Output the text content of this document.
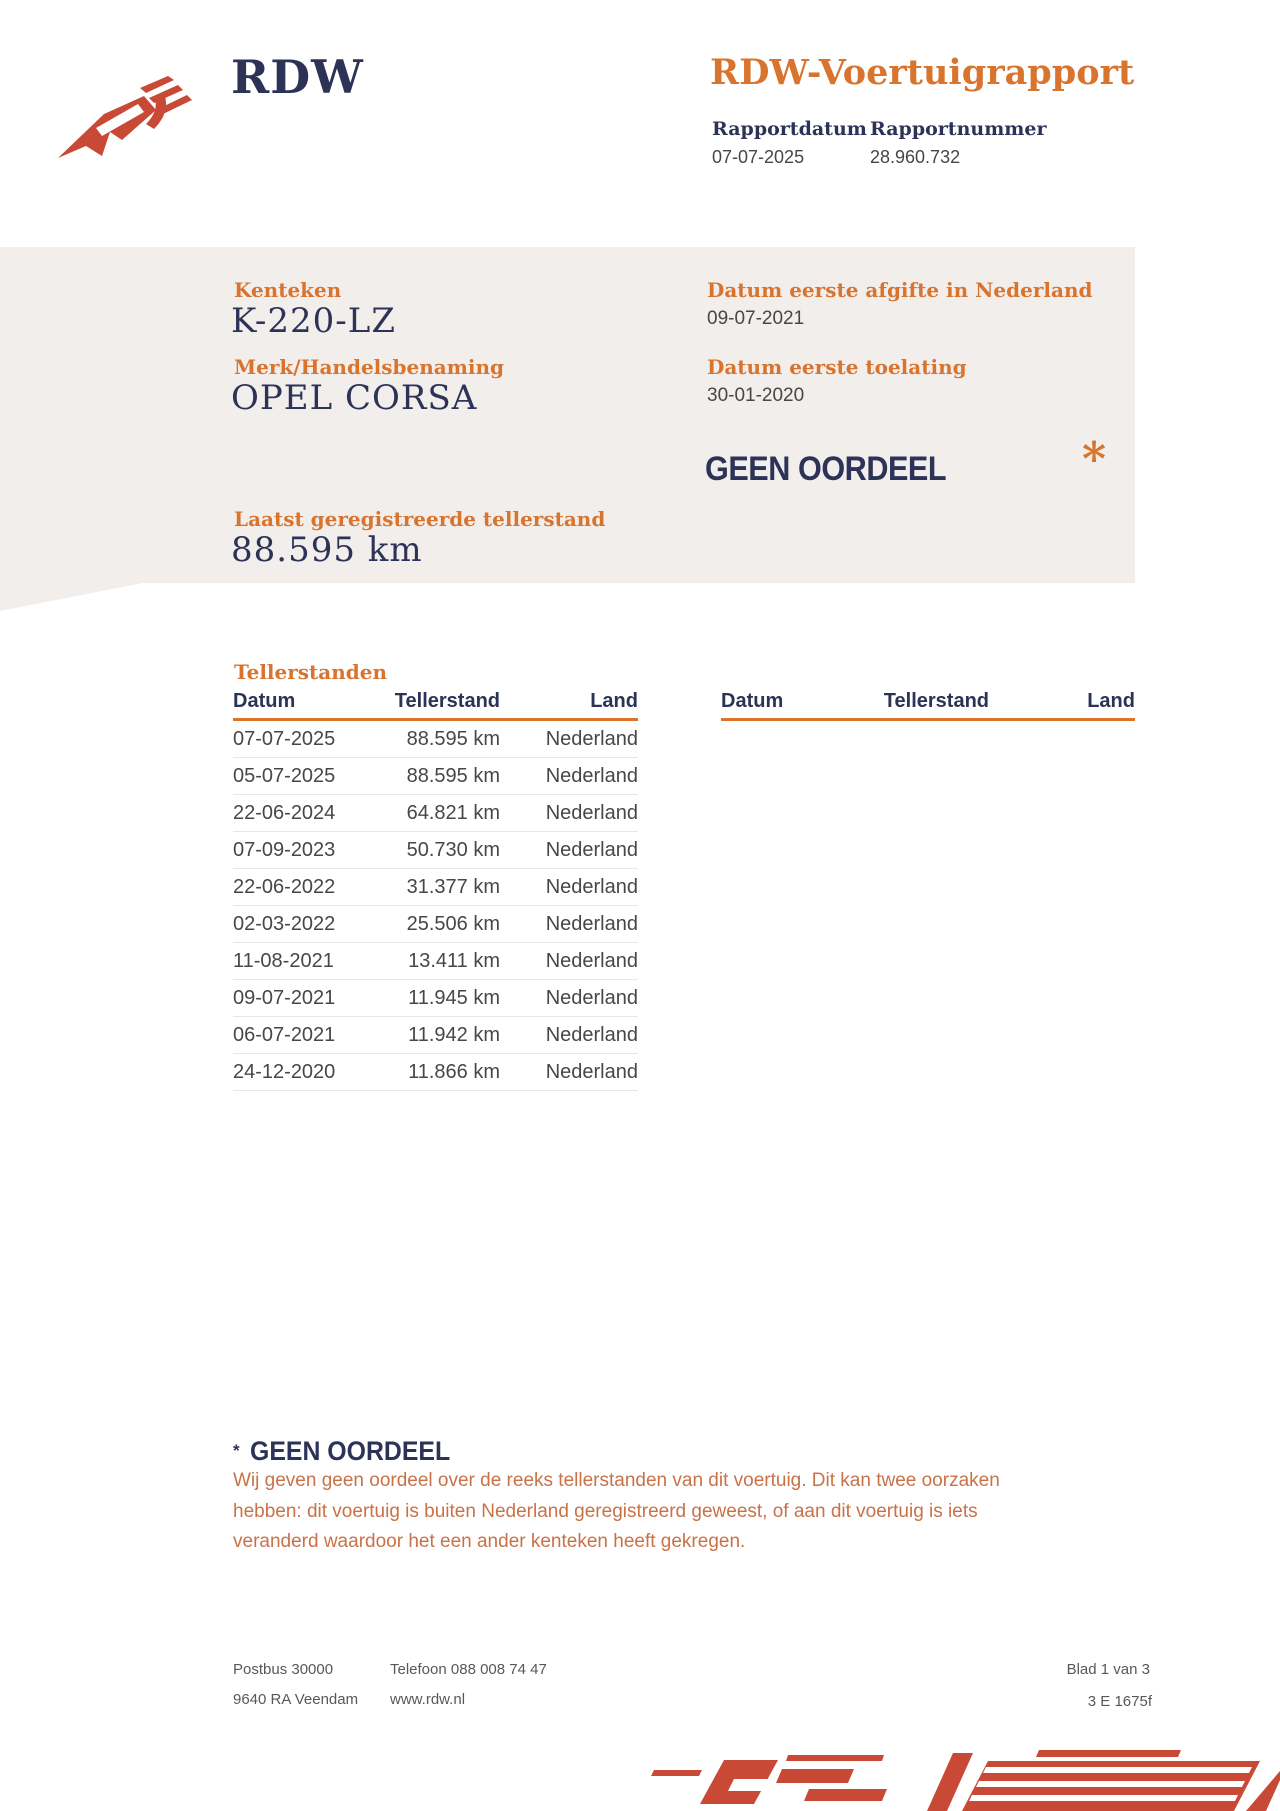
RDW	RDW-Voertuigrapport
Rapportdatum Rapportnummer
07-07-2025	28.960.732
Kenteken
K-220-LZ
Merk/Handelsbenaming
OPEL CORSA
Laatst geregistreerde tellerstand
88.595 km
Datum eerste afgifte in Nederland
09-07-2021
Datum eerste toelating
30-01-2020
GEEN OORDEEL	*
Tellerstanden
Datum	Tellerstand	Land
07-07-2025	88.595 km	Nederland
05-07-2025	88.595 km	Nederland
22-06-2024	64.821 km	Nederland
07-09-2023	50.730 km	Nederland
22-06-2022	31.377 km	Nederland
02-03-2022	25.506 km	Nederland
11-08-2021	13.411 km	Nederland
09-07-2021	11.945 km	Nederland
06-07-2021	11.942 km	Nederland
24-12-2020	11.866 km	Nederland
Datum	Tellerstand	Land
* GEEN OORDEEL
Wij geven geen oordeel over de reeks tellerstanden van dit voertuig. Dit kan twee oorzaken hebben: dit voertuig is buiten Nederland geregistreerd geweest, of aan dit voertuig is iets veranderd waardoor het een ander kenteken heeft gekregen.
Postbus 30000
9640 RA Veendam
Telefoon 088 008 74 47
www.rdw.nl
Blad 1 van 3
3 E 1675f
